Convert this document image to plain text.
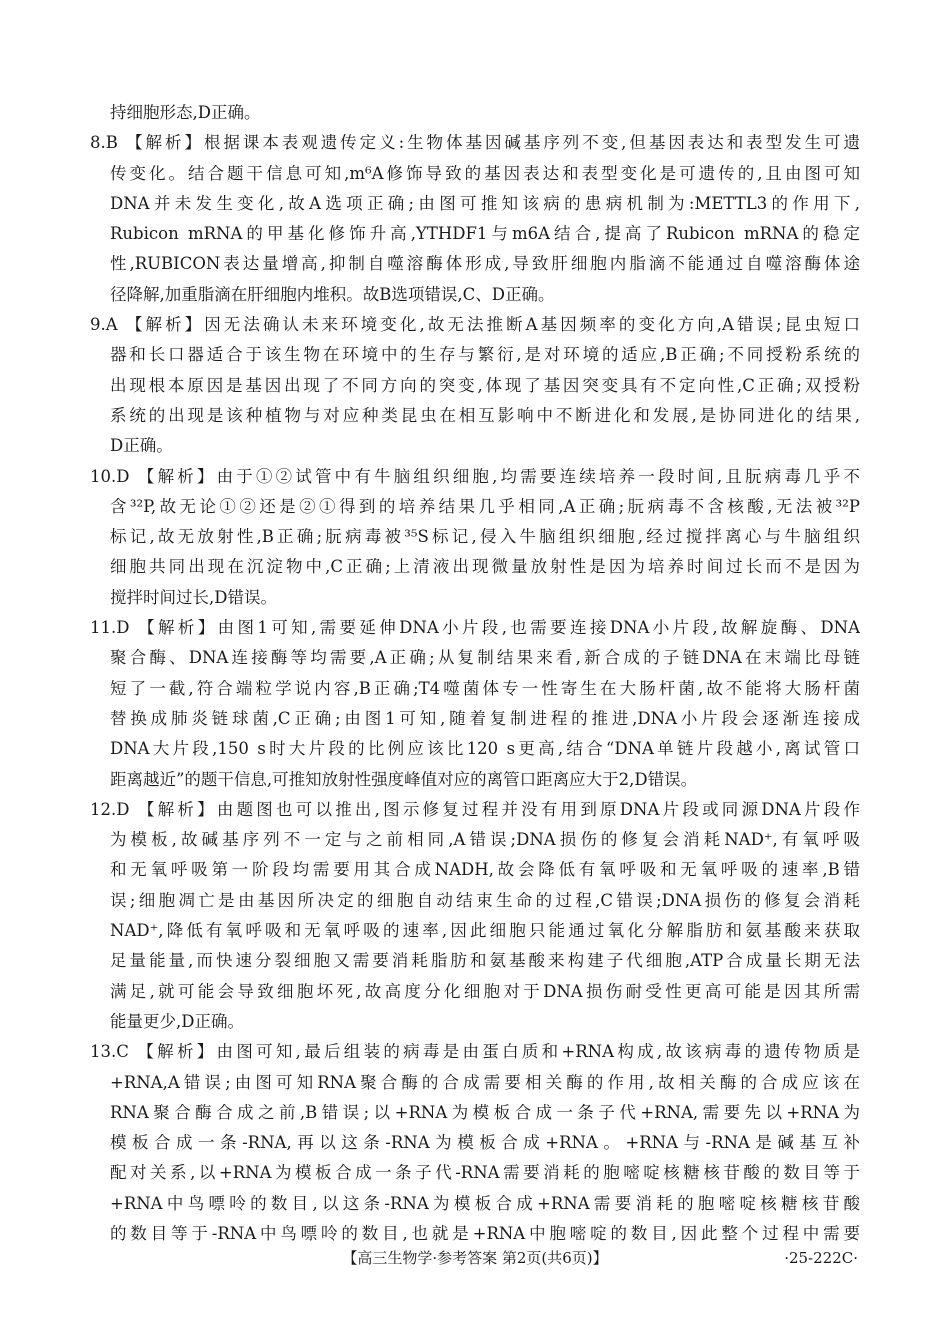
持细胞形态,D正确。
8.B 【解析】根据课本表观遗传定义:生物体基因碱基序列不变,但基因表达和表型发生可遗
传变化。结合题干信息可知,m⁶A修饰导致的基因表达和表型变化是可遗传的,且由图可知
DNA并未发生变化,故A选项正确;由图可推知该病的患病机制为:METTL3的作用下,
Rubicon mRNA的甲基化修饰升高,YTHDF1与m6A结合,提高了Rubicon mRNA的稳定
性,RUBICON表达量增高,抑制自噬溶酶体形成,导致肝细胞内脂滴不能通过自噬溶酶体途
径降解,加重脂滴在肝细胞内堆积。故B选项错误,C、D正确。
9.A 【解析】因无法确认未来环境变化,故无法推断A基因频率的变化方向,A错误;昆虫短口
器和长口器适合于该生物在环境中的生存与繁衍,是对环境的适应,B正确;不同授粉系统的
出现根本原因是基因出现了不同方向的突变,体现了基因突变具有不定向性,C正确;双授粉
系统的出现是该种植物与对应种类昆虫在相互影响中不断进化和发展,是协同进化的结果,
D正确。
10.D 【解析】由于①②试管中有牛脑组织细胞,均需要连续培养一段时间,且朊病毒几乎不
含³²P,故无论①②还是②①得到的培养结果几乎相同,A正确;朊病毒不含核酸,无法被³²P
标记,故无放射性,B正确;朊病毒被³⁵S标记,侵入牛脑组织细胞,经过搅拌离心与牛脑组织
细胞共同出现在沉淀物中,C正确;上清液出现微量放射性是因为培养时间过长而不是因为
搅拌时间过长,D错误。
11.D 【解析】由图1可知,需要延伸DNA小片段,也需要连接DNA小片段,故解旋酶、DNA
聚合酶、DNA连接酶等均需要,A正确;从复制结果来看,新合成的子链DNA在末端比母链
短了一截,符合端粒学说内容,B正确;T4噬菌体专一性寄生在大肠杆菌,故不能将大肠杆菌
替换成肺炎链球菌,C正确;由图1可知,随着复制进程的推进,DNA小片段会逐渐连接成
DNA大片段,150 s时大片段的比例应该比120 s更高,结合“DNA单链片段越小,离试管口
距离越近”的题干信息,可推知放射性强度峰值对应的离管口距离应大于2,D错误。
12.D 【解析】由题图也可以推出,图示修复过程并没有用到原DNA片段或同源DNA片段作
为模板,故碱基序列不一定与之前相同,A错误;DNA损伤的修复会消耗NAD⁺,有氧呼吸
和无氧呼吸第一阶段均需要用其合成NADH,故会降低有氧呼吸和无氧呼吸的速率,B错
误;细胞凋亡是由基因所决定的细胞自动结束生命的过程,C错误;DNA损伤的修复会消耗
NAD⁺,降低有氧呼吸和无氧呼吸的速率,因此细胞只能通过氧化分解脂肪和氨基酸来获取
足量能量,而快速分裂细胞又需要消耗脂肪和氨基酸来构建子代细胞,ATP合成量长期无法
满足,就可能会导致细胞坏死,故高度分化细胞对于DNA损伤耐受性更高可能是因其所需
能量更少,D正确。
13.C 【解析】由图可知,最后组装的病毒是由蛋白质和+RNA构成,故该病毒的遗传物质是
+RNA,A错误;由图可知RNA聚合酶的合成需要相关酶的作用,故相关酶的合成应该在
RNA聚合酶合成之前,B错误;以+RNA为模板合成一条子代+RNA,需要先以+RNA为
模板合成一条-RNA,再以这条-RNA为模板合成+RNA。+RNA与-RNA是碱基互补
配对关系,以+RNA为模板合成一条子代-RNA需要消耗的胞嘧啶核糖核苷酸的数目等于
+RNA中鸟嘌呤的数目,以这条-RNA为模板合成+RNA需要消耗的胞嘧啶核糖核苷酸
的数目等于-RNA中鸟嘌呤的数目,也就是+RNA中胞嘧啶的数目,因此整个过程中需要
【高三生物学·参考答案 第2页(共6页)】	·25-222C·
